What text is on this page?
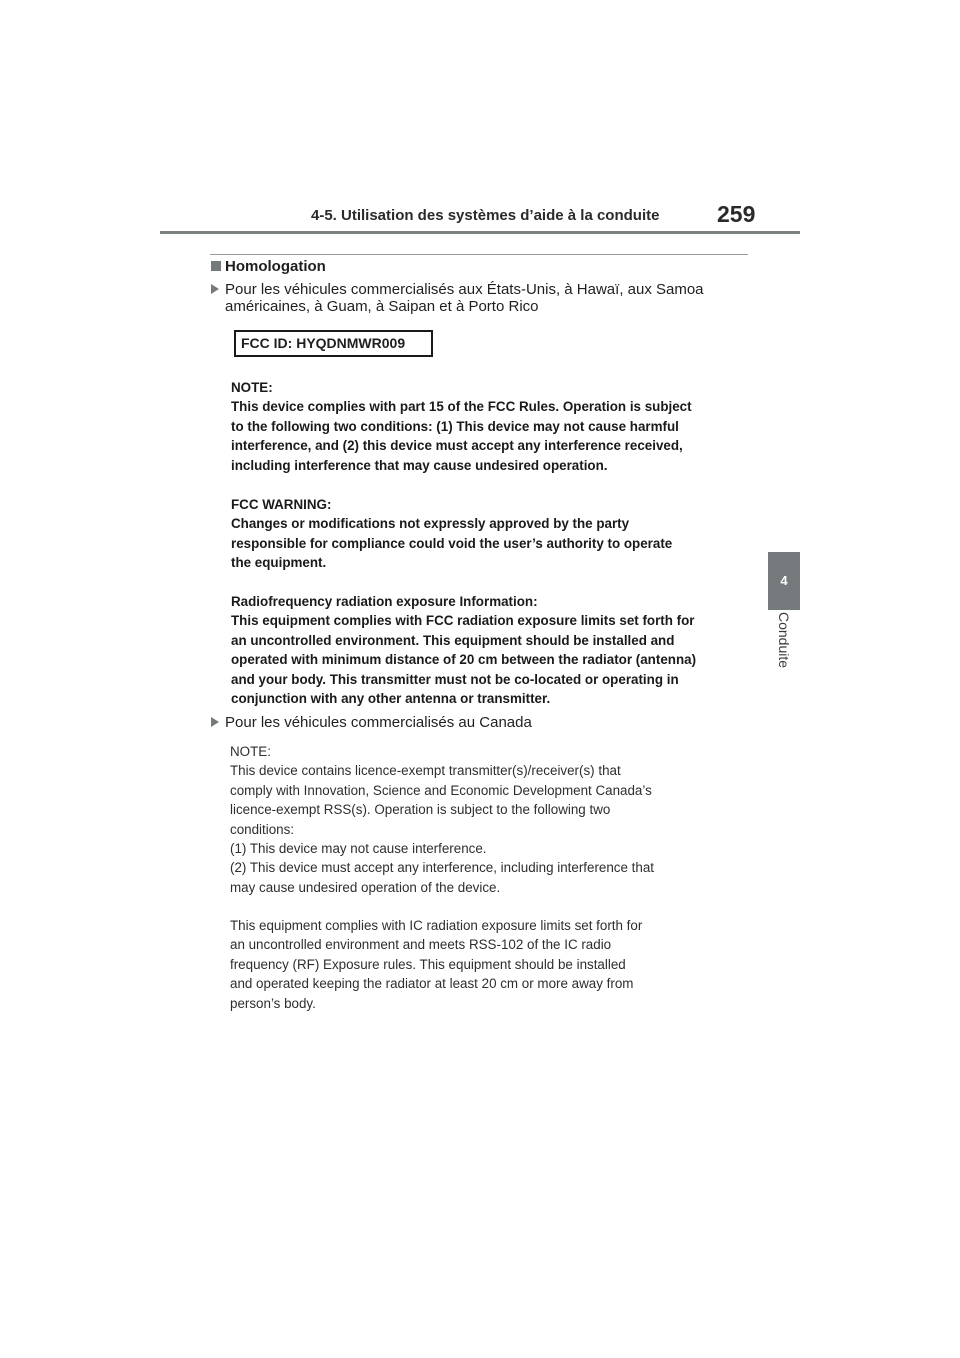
4-5. Utilisation des systèmes d’aide à la conduite	259
4
Conduite
Homologation
Pour les véhicules commercialisés aux États-Unis, à Hawaï, aux Samoa
américaines, à Guam, à Saipan et à Porto Rico
FCC ID: HYQDNMWR009
NOTE:
This device complies with part 15 of the FCC Rules. Operation is subject
to the following two conditions: (1) This device may not cause harmful
interference, and (2) this device must accept any interference received,
including interference that may cause undesired operation.
FCC WARNING:
Changes or modifications not expressly approved by the party
responsible for compliance could void the user’s authority to operate
the equipment.
Radiofrequency radiation exposure Information:
This equipment complies with FCC radiation exposure limits set forth for
an uncontrolled environment. This equipment should be installed and
operated with minimum distance of 20 cm between the radiator (antenna)
and your body. This transmitter must not be co-located or operating in
conjunction with any other antenna or transmitter.
Pour les véhicules commercialisés au Canada
NOTE:
This device contains licence-exempt transmitter(s)/receiver(s) that
comply with Innovation, Science and Economic Development Canada’s
licence-exempt RSS(s). Operation is subject to the following two
conditions:
(1) This device may not cause interference.
(2) This device must accept any interference, including interference that
may cause undesired operation of the device.
This equipment complies with IC radiation exposure limits set forth for
an uncontrolled environment and meets RSS-102 of the IC radio
frequency (RF) Exposure rules. This equipment should be installed
and operated keeping the radiator at least 20 cm or more away from
person’s body.
